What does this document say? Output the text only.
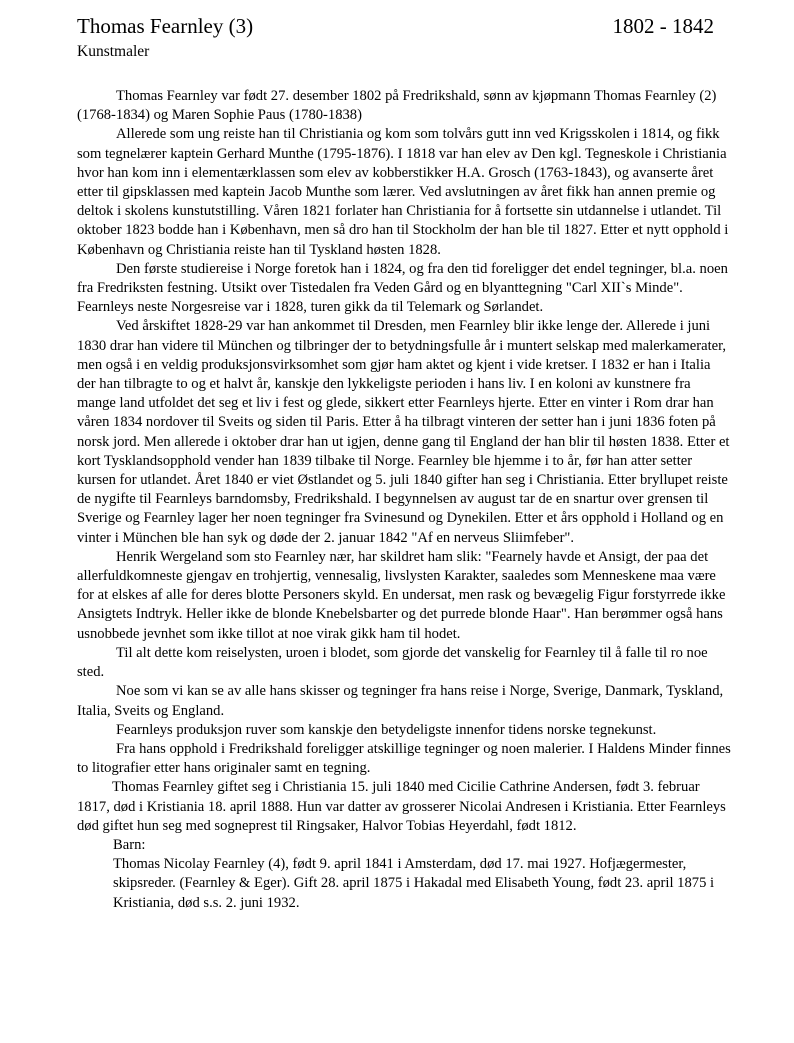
Thomas Fearnley (3)	1802 - 1842
Kunstmaler

Thomas Fearnley var født 27. desember 1802 på Fredrikshald, sønn av kjøpmann Thomas Fearnley (2) (1768-1834) og Maren Sophie Paus (1780-1838)

Allerede som ung reiste han til Christiania og kom som tolvårs gutt inn ved Krigsskolen i 1814, og fikk som tegnelærer kaptein Gerhard Munthe (1795-1876). I 1818 var han elev av Den kgl. Tegneskole i Christiania hvor han kom inn i elementærklassen som elev av kobberstikker H.A. Grosch (1763-1843), og avanserte året etter til gipsklassen med kaptein Jacob Munthe som lærer. Ved avslutningen av året fikk han annen premie og deltok i skolens kunstutstilling. Våren 1821 forlater han Christiania for å fortsette sin utdannelse i utlandet. Til oktober 1823 bodde han i København, men så dro han til Stockholm der han ble til 1827. Etter et nytt opphold i København og Christiania reiste han til Tyskland høsten 1828.

Den første studiereise i Norge foretok han i 1824, og fra den tid foreligger det endel tegninger, bl.a. noen fra Fredriksten festning. Utsikt over Tistedalen fra Veden Gård og en blyanttegning "Carl XII`s Minde". Fearnleys neste Norgesreise var i 1828, turen gikk da til Telemark og Sørlandet.

Ved årskiftet 1828-29 var han ankommet til Dresden, men Fearnley blir ikke lenge der. Allerede i juni 1830 drar han videre til München og tilbringer der to betydningsfulle år i muntert selskap med malerkamerater, men også i en veldig produksjonsvirksomhet som gjør ham aktet og kjent i vide kretser. I 1832 er han i Italia der han tilbragte to og et halvt år, kanskje den lykkeligste perioden i hans liv. I en koloni av kunstnere fra mange land utfoldet det seg et liv i fest og glede, sikkert etter Fearnleys hjerte. Etter en vinter i Rom drar han våren 1834 nordover til Sveits og siden til Paris. Etter å ha tilbragt vinteren der setter han i juni 1836 foten på norsk jord. Men allerede i oktober drar han ut igjen, denne gang til England der han blir til høsten 1838. Etter et kort Tysklandsopphold vender han 1839 tilbake til Norge. Fearnley ble hjemme i to år, før han atter setter kursen for utlandet. Året 1840 er viet Østlandet og 5. juli 1840 gifter han seg i Christiania. Etter bryllupet reiste de nygifte til Fearnleys barndomsby, Fredrikshald. I begynnelsen av august tar de en snartur over grensen til Sverige og Fearnley lager her noen tegninger fra Svinesund og Dynekilen. Etter et års opphold i Holland og en vinter i München ble han syk og døde der 2. januar 1842 "Af en nerveus Sliimfeber".

Henrik Wergeland som sto Fearnley nær, har skildret ham slik: "Fearnely havde et Ansigt, der paa det allerfuldkomneste gjengav en trohjertig, vennesalig, livslysten Karakter, saaledes som Menneskene maa være for at elskes af alle for deres blotte Personers skyld. En undersat, men rask og bevægelig Figur forstyrrede ikke Ansigtets Indtryk. Heller ikke de blonde Knebelsbarter og det purrede blonde Haar". Han berømmer også hans usnobbede jevnhet som ikke tillot at noe virak gikk ham til hodet.

Til alt dette kom reiselysten, uroen i blodet, som gjorde det vanskelig for Fearnley til å falle til ro noe sted.

Noe som vi kan se av alle hans skisser og tegninger fra hans reise i Norge, Sverige, Danmark, Tyskland, Italia, Sveits og England.

Fearnleys produksjon ruver som kanskje den betydeligste innenfor tidens norske tegnekunst.

Fra hans opphold i Fredrikshald foreligger atskillige tegninger og noen malerier. I Haldens Minder finnes to litografier etter hans originaler samt en tegning.

Thomas Fearnley giftet seg i Christiania 15. juli 1840 med Cicilie Cathrine Andersen, født 3. februar 1817, død i Kristiania 18. april 1888. Hun var datter av grosserer Nicolai Andresen i Kristiania. Etter Fearnleys død giftet hun seg med sogneprest til Ringsaker, Halvor Tobias Heyerdahl, født 1812.

Barn:

Thomas Nicolay Fearnley (4), født 9. april 1841 i Amsterdam, død 17. mai 1927. Hofjægermester, skipsreder. (Fearnley & Eger). Gift 28. april 1875 i Hakadal med Elisabeth Young, født 23. april 1875 i Kristiania, død s.s. 2. juni 1932.
